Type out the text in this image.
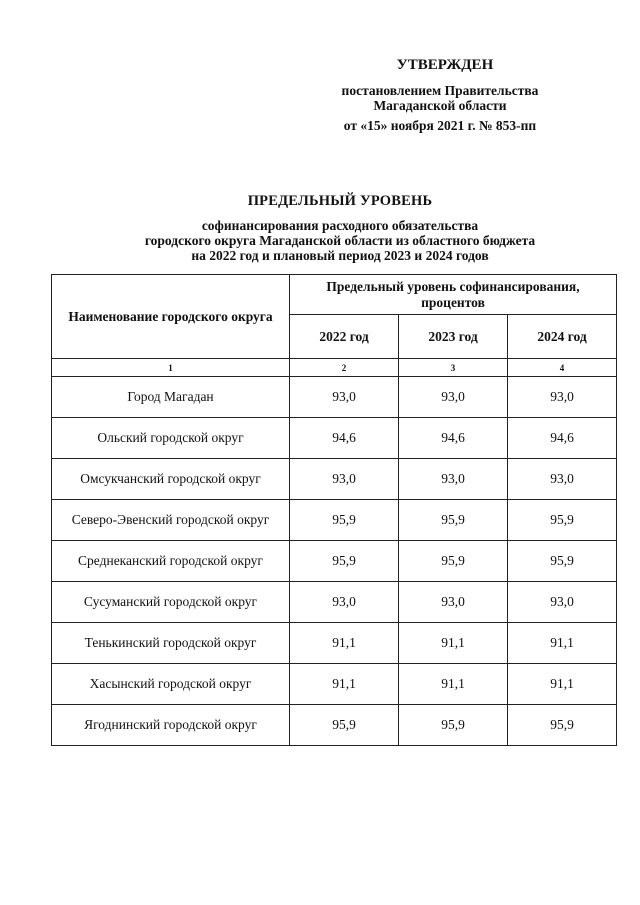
УТВЕРЖДЕН
постановлением Правительства
Магаданской области
от «15» ноября 2021 г. № 853-пп
ПРЕДЕЛЬНЫЙ УРОВЕНЬ
софинансирования расходного обязательства
городского округа Магаданской области из областного бюджета
на 2022 год и плановый период 2023 и 2024 годов
Наименование городского округа	Предельный уровень софинансирования, процентов		
	2022 год	2023 год	2024 год
1	2	3	4
Город Магадан	93,0	93,0	93,0
Ольский городской округ	94,6	94,6	94,6
Омсукчанский городской округ	93,0	93,0	93,0
Северо-Эвенский городской округ	95,9	95,9	95,9
Среднеканский городской округ	95,9	95,9	95,9
Сусуманский городской округ	93,0	93,0	93,0
Тенькинский городской округ	91,1	91,1	91,1
Хасынский городской округ	91,1	91,1	91,1
Ягоднинский городской округ	95,9	95,9	95,9
